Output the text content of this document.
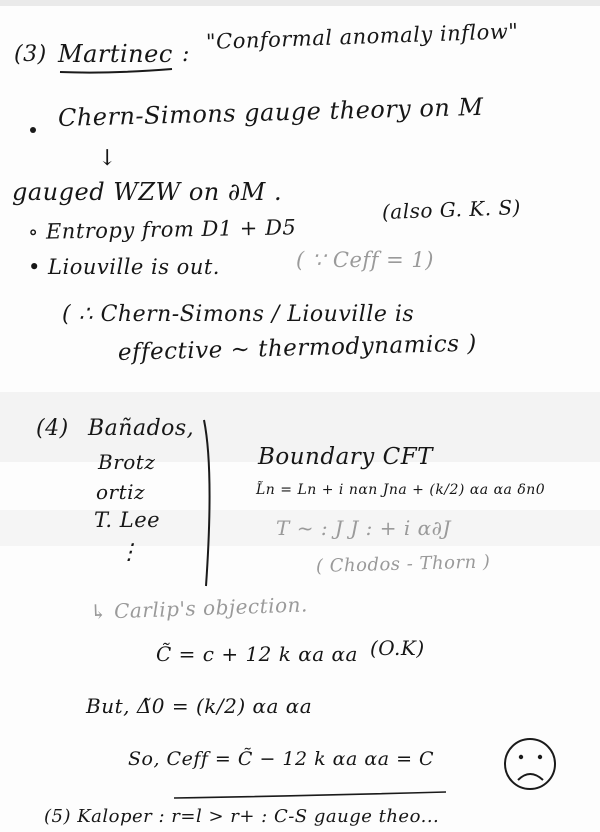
(3) Martinec :
"Conformal anomaly inflow"
Chern-Simons gauge theory on M
↓
gauged WZW on ∂M .
∘ Entropy from D1 + D5
(also G. K. S)
• Liouville is out.	( ∵ Ceff = 1)
( ∴ Chern-Simons / Liouville is
effective ~ thermodynamics )
(4) Bañados,
Brotz
ortiz
T. Lee
⋮
Boundary CFT
L̃n = Ln + i nαn Jna + (k/2) αa αa δn0
T ~ : J J : + i α∂J
( Chodos - Thorn )
↳ Carlip's objection.
C̃ = c + 12 k αa αa (O.K)
But, Δ̃0 = (k/2) αa αa
So, Ceff = C̃ − 12 k αa αa = C
(5) Kaloper : r=l > r+ : C-S gauge theo...
